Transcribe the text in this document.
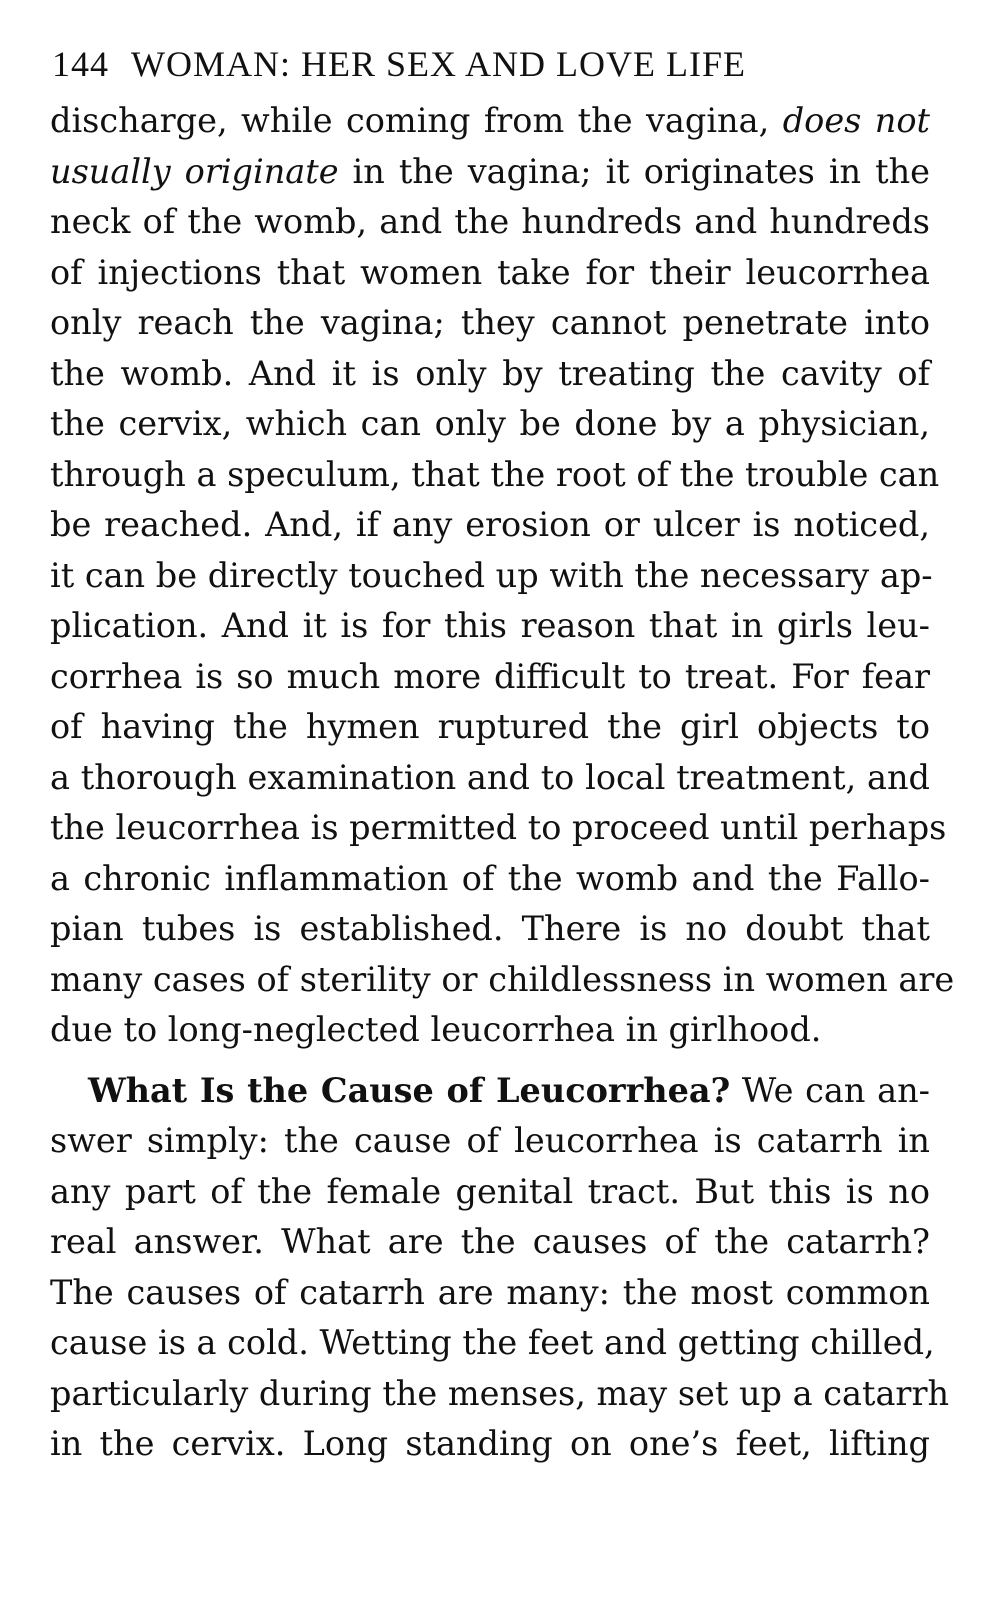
144 WOMAN: HER SEX AND LOVE LIFE
discharge, while coming from the vagina, does not
usually originate in the vagina; it originates in the
neck of the womb, and the hundreds and hundreds
of injections that women take for their leucorrhea
only reach the vagina; they cannot penetrate into
the womb. And it is only by treating the cavity of
the cervix, which can only be done by a physician,
through a speculum, that the root of the trouble can
be reached. And, if any erosion or ulcer is noticed,
it can be directly touched up with the necessary ap-
plication. And it is for this reason that in girls leu-
corrhea is so much more difficult to treat. For fear
of having the hymen ruptured the girl objects to
a thorough examination and to local treatment, and
the leucorrhea is permitted to proceed until perhaps
a chronic inflammation of the womb and the Fallo-
pian tubes is established. There is no doubt that
many cases of sterility or childlessness in women are
due to long-neglected leucorrhea in girlhood.
What Is the Cause of Leucorrhea? We can an-
swer simply: the cause of leucorrhea is catarrh in
any part of the female genital tract. But this is no
real answer. What are the causes of the catarrh?
The causes of catarrh are many: the most common
cause is a cold. Wetting the feet and getting chilled,
particularly during the menses, may set up a catarrh
in the cervix. Long standing on one’s feet, lifting
